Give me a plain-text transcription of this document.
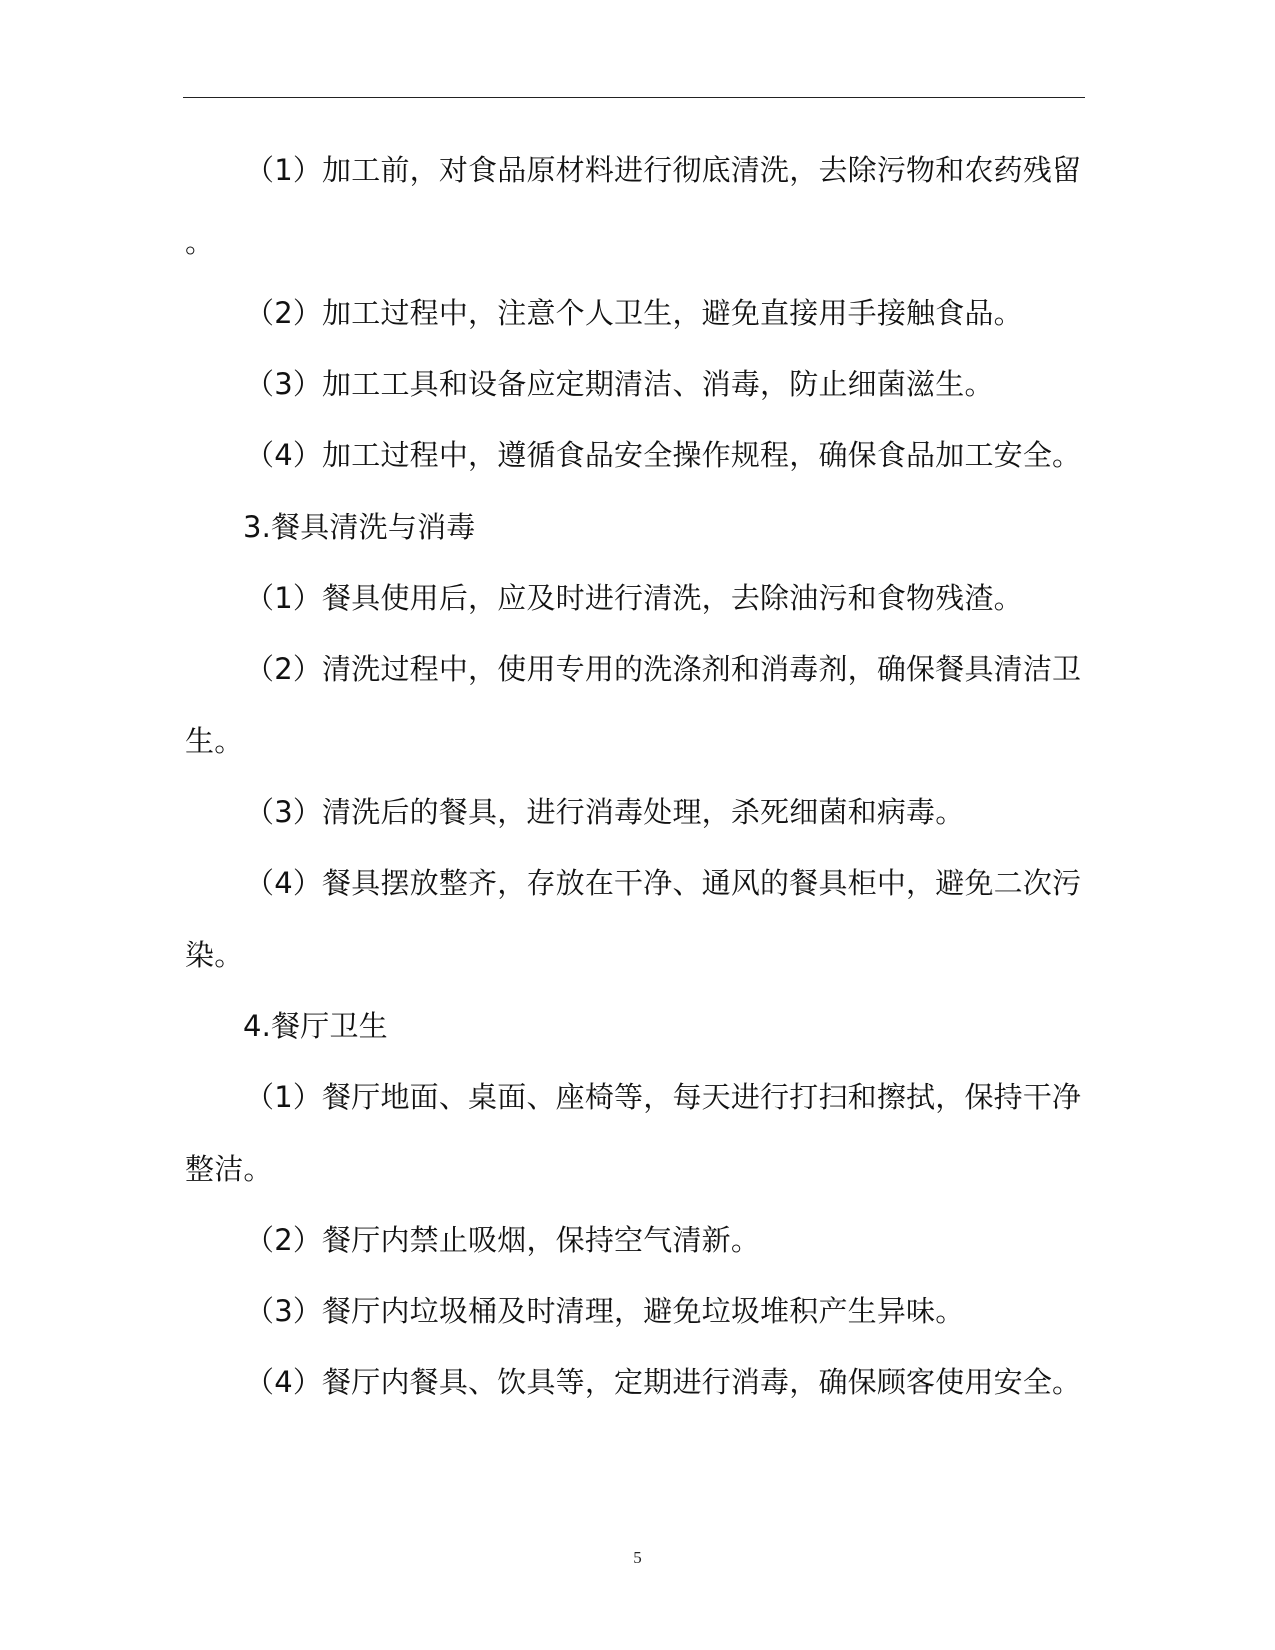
（1）加工前，对食品原材料进行彻底清洗，去除污物和农药残留
。
（2）加工过程中，注意个人卫生，避免直接用手接触食品。
（3）加工工具和设备应定期清洁、消毒，防止细菌滋生。
（4）加工过程中，遵循食品安全操作规程，确保食品加工安全。
3.餐具清洗与消毒
（1）餐具使用后，应及时进行清洗，去除油污和食物残渣。
（2）清洗过程中，使用专用的洗涤剂和消毒剂，确保餐具清洁卫
生。
（3）清洗后的餐具，进行消毒处理，杀死细菌和病毒。
（4）餐具摆放整齐，存放在干净、通风的餐具柜中，避免二次污
染。
4.餐厅卫生
（1）餐厅地面、桌面、座椅等，每天进行打扫和擦拭，保持干净
整洁。
（2）餐厅内禁止吸烟，保持空气清新。
（3）餐厅内垃圾桶及时清理，避免垃圾堆积产生异味。
（4）餐厅内餐具、饮具等，定期进行消毒，确保顾客使用安全。
5
